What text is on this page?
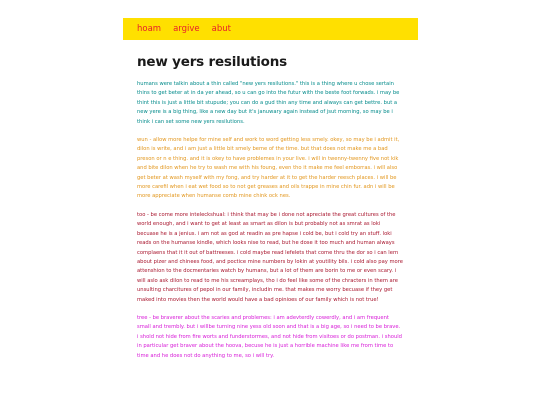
hoam argive abut
new yers resilutions

humans were talkin about a thin called "new yers resilutions." this is a thing where u chose sertain thins to get beter at in da yer ahead, so u can go into the futur with the beste foot forwads. i may be thint this is just a little bit stupude; you can do a gud thin any time and always can get bettre. but a new yere is a big thing, like a new day but it's januwary again instead of jsut morning, so may be i think i can set some new yers resilutions.

wun - allow more helpe for mine self and work to word getting less smely. okey, so may be i admit it, dilon is write, and i am just a little bit smely beme of the time. but that does not make me a bad preson or n e thing. and it is okey to have problemes in your live. i will in twenny-twenny five not kik and bite dilon when he try to wash me with his foung, even tho it make me feel emborras. i will also get beter at wash myself with my fong, and try harder at it to get the harder reesch places. i will be more carefil when i eat wet food so to not get greases and oils trappe in mine chin fur. adn i will be more appreciate when humanse comb mine chink ock nes.

too - be come more inteleckshual: i think that may be i done not apreciate the great cultures of the world enough, and i want to get at least as smart as dilon is but probably not as smrat as loki becuase he is a jenius. i am not as god at readin as pre hapse i cold be, but i cold try an stuff. loki reads on the humanse kindle, which looks nise to read, but he dose it too much and human always complaens that it it out of battreeses. i cold maybe read lefelets that come thru the dor so i can lern about pizer and chinees food, and poctice mine numbers by lokin at youtility bils. i cold also pay more attenshion to the docmentaries watch by humans, but a lot of them are borin to me or even scary. i will aslo ask dilon to read to me his screamplays, tho i do feel like some of the chracters in them are unsulting charcitures of pepol in our family, includin me. that makes me worry becuase if they get maked into movies then the world would have a bad opinioes of our family which is not true!

tree - be braverer about the scaries and problemes: i am adevterdly cowerdly, and i am frequent small and trembly. but i willbe turning nine yess old soon and that is a big age, so i need to be brave. i shold not hide from fire worts and funderstormes, and not hide from visitoes or do postman. i should in particular get braver about the hoova, becuse he is just a horrible machine like me from time to time and he does not do anything to me, so i will try.
